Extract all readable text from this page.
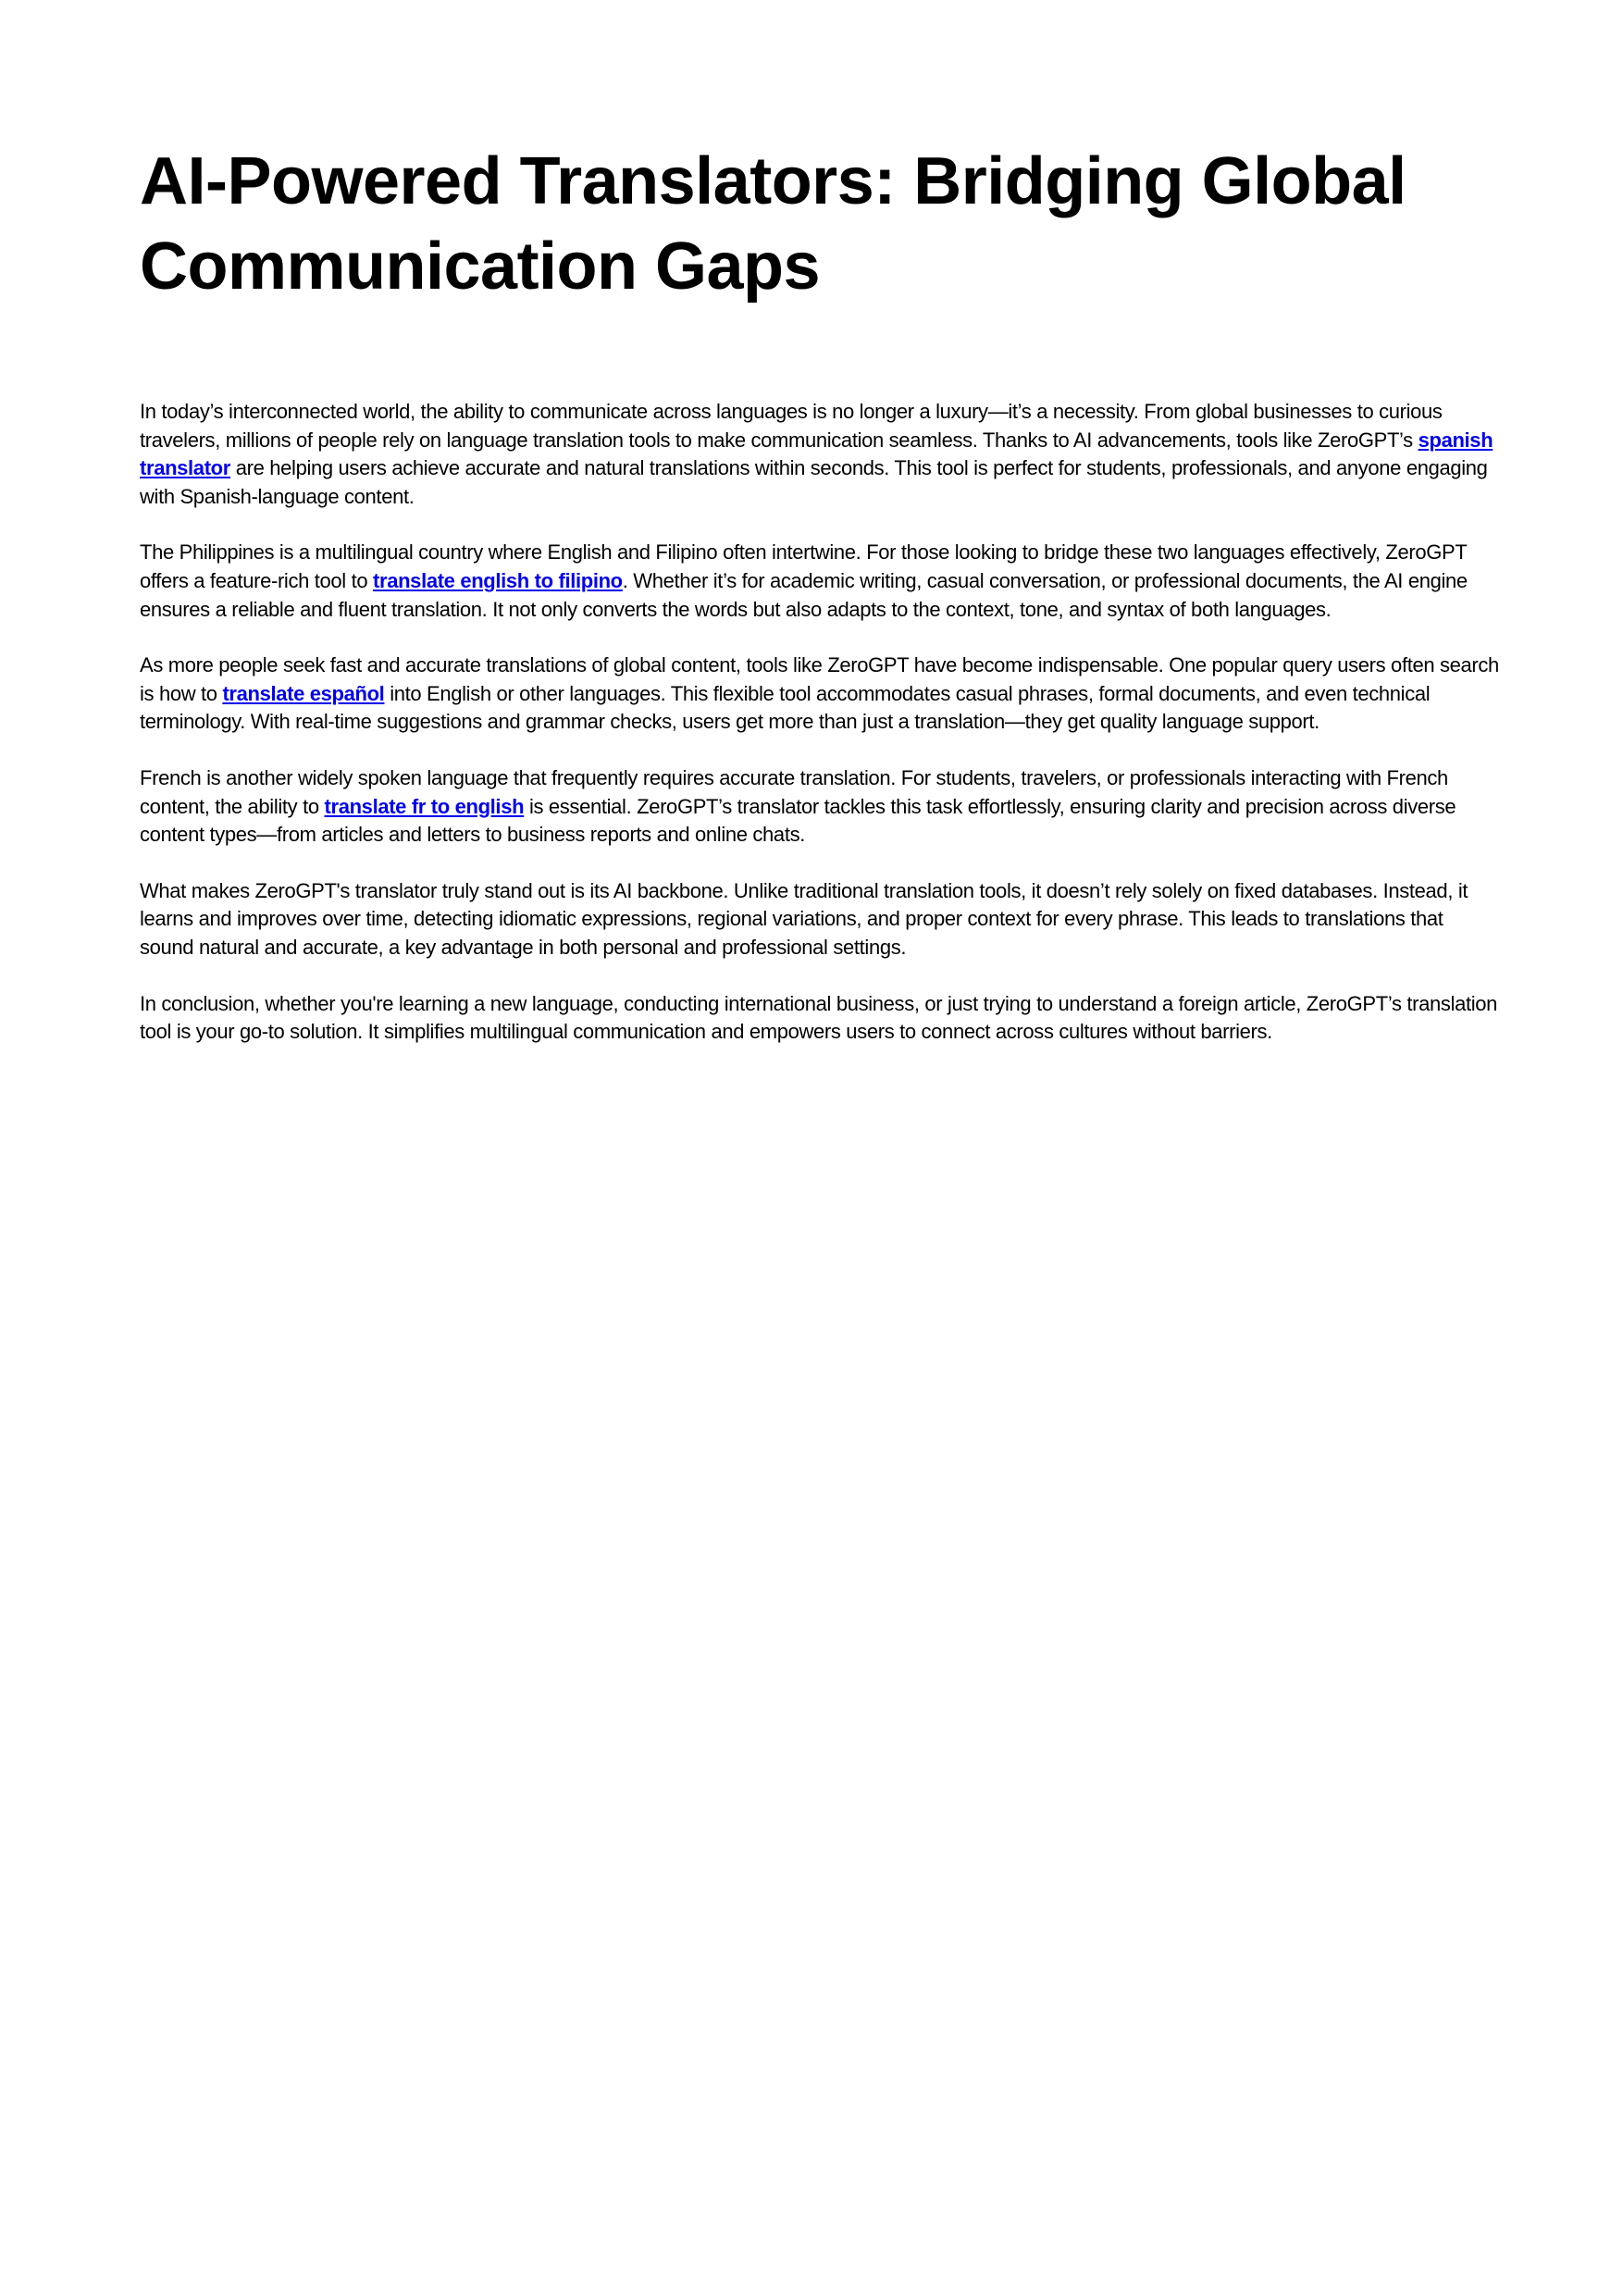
AI-Powered Translators: Bridging Global Communication Gaps

In today’s interconnected world, the ability to communicate across languages is no longer a luxury—it’s a necessity. From global businesses to curious travelers, millions of people rely on language translation tools to make communication seamless. Thanks to AI advancements, tools like ZeroGPT’s spanish translator are helping users achieve accurate and natural translations within seconds. This tool is perfect for students, professionals, and anyone engaging with Spanish-language content.

The Philippines is a multilingual country where English and Filipino often intertwine. For those looking to bridge these two languages effectively, ZeroGPT offers a feature-rich tool to translate english to filipino. Whether it’s for academic writing, casual conversation, or professional documents, the AI engine ensures a reliable and fluent translation. It not only converts the words but also adapts to the context, tone, and syntax of both languages.

As more people seek fast and accurate translations of global content, tools like ZeroGPT have become indispensable. One popular query users often search is how to translate español into English or other languages. This flexible tool accommodates casual phrases, formal documents, and even technical terminology. With real-time suggestions and grammar checks, users get more than just a translation—they get quality language support.

French is another widely spoken language that frequently requires accurate translation. For students, travelers, or professionals interacting with French content, the ability to translate fr to english is essential. ZeroGPT’s translator tackles this task effortlessly, ensuring clarity and precision across diverse content types—from articles and letters to business reports and online chats.

What makes ZeroGPT's translator truly stand out is its AI backbone. Unlike traditional translation tools, it doesn’t rely solely on fixed databases. Instead, it learns and improves over time, detecting idiomatic expressions, regional variations, and proper context for every phrase. This leads to translations that sound natural and accurate, a key advantage in both personal and professional settings.

In conclusion, whether you're learning a new language, conducting international business, or just trying to understand a foreign article, ZeroGPT’s translation tool is your go-to solution. It simplifies multilingual communication and empowers users to connect across cultures without barriers.
